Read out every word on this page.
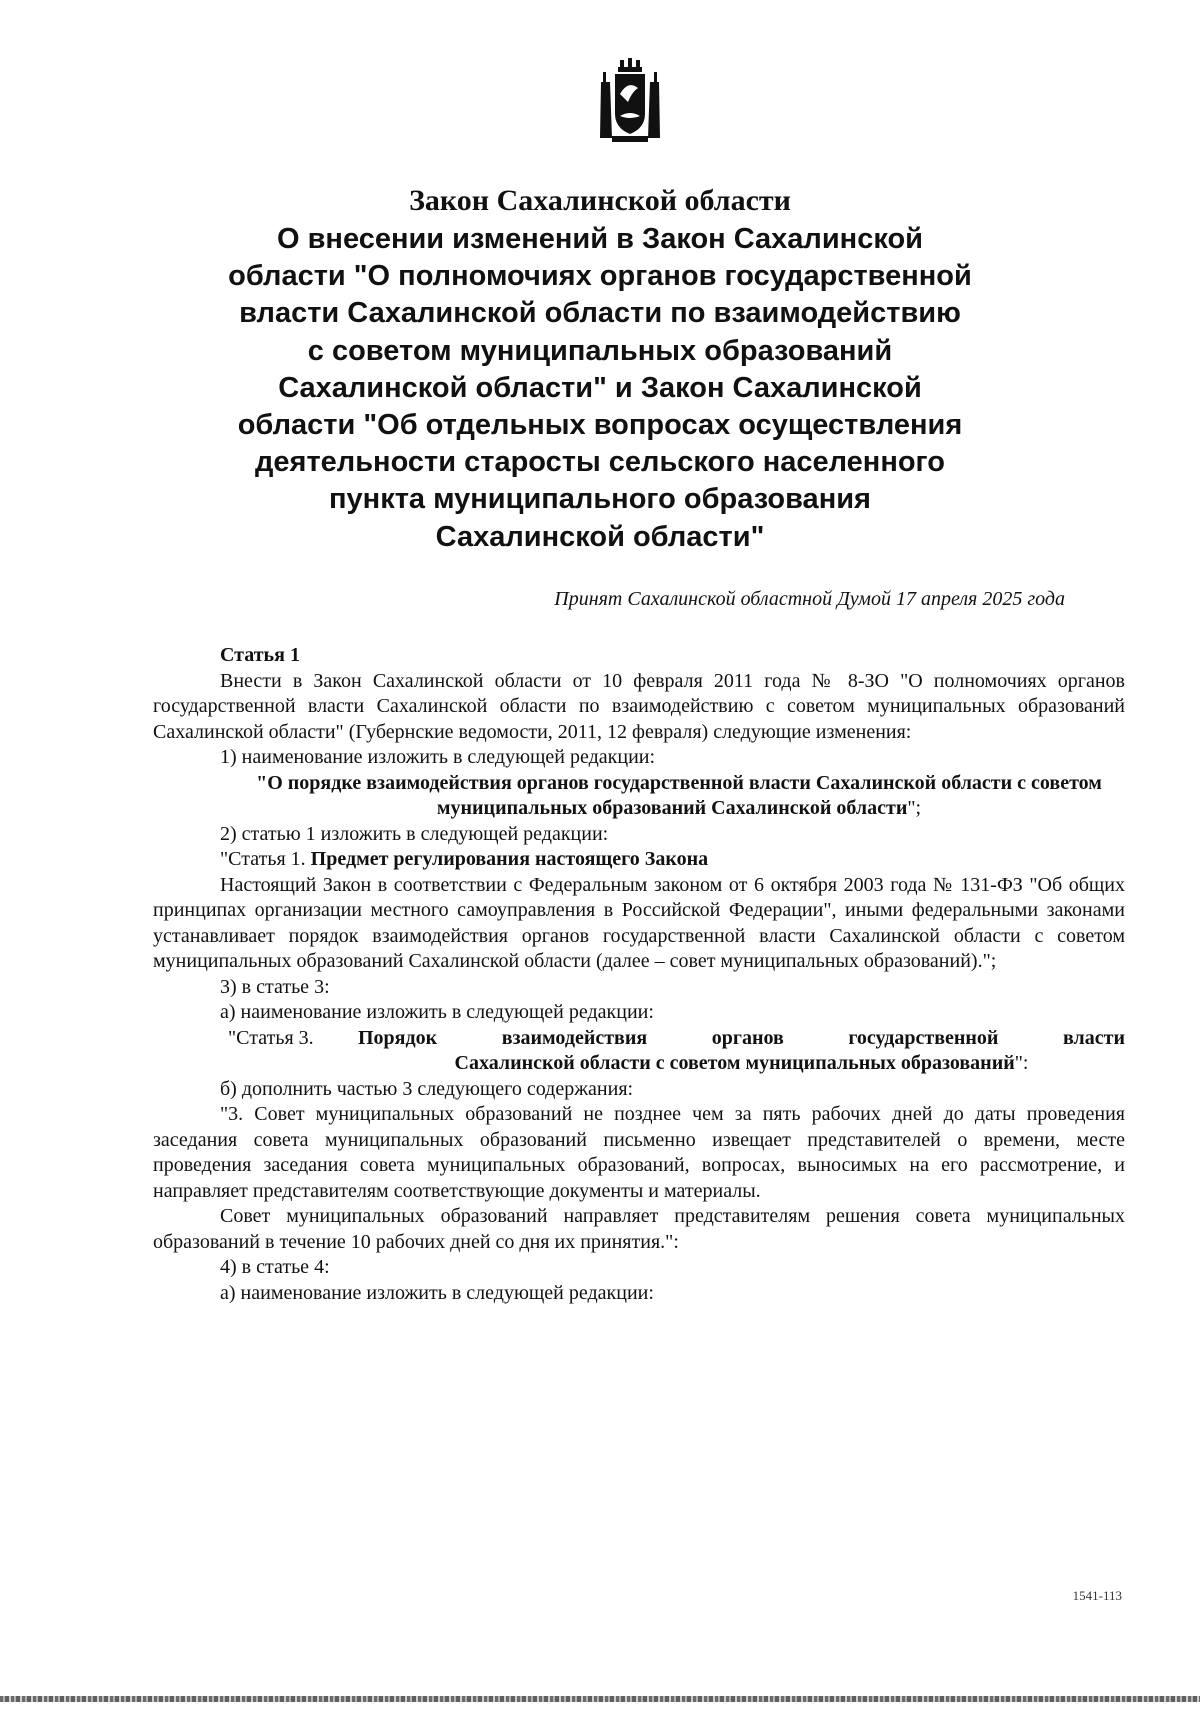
Закон Сахалинской области

О внесении изменений в Закон Сахалинской
области "О полномочиях органов государственной
власти Сахалинской области по взаимодействию
с советом муниципальных образований
Сахалинской области" и Закон Сахалинской
области "Об отдельных вопросах осуществления
деятельности старосты сельского населенного
пункта муниципального образования
Сахалинской области"

Принят Сахалинской областной Думой 17 апреля 2025 года

Статья 1

Внести в Закон Сахалинской области от 10 февраля 2011 года № 8-ЗО "О полномочиях органов государственной власти Сахалинской области по взаимодействию с советом муниципальных образований Сахалинской области" (Губернские ведомости, 2011, 12 февраля) следующие изменения:

1) наименование изложить в следующей редакции:

"О порядке взаимодействия органов государственной власти Сахалинской области с советом муниципальных образований Сахалинской области";

2) статью 1 изложить в следующей редакции:

"Статья 1. Предмет регулирования настоящего Закона

Настоящий Закон в соответствии с Федеральным законом от 6 октября 2003 года № 131-ФЗ "Об общих принципах организации местного самоуправления в Российской Федерации", иными федеральными законами устанавливает порядок взаимодействия органов государственной власти Сахалинской области с советом муниципальных образований Сахалинской области (далее – совет муниципальных образований).";

3) в статье 3:

а) наименование изложить в следующей редакции:

"Статья 3.	Порядок взаимодействия органов государственной власти
Сахалинской области с советом муниципальных образований":

б) дополнить частью 3 следующего содержания:

"3. Совет муниципальных образований не позднее чем за пять рабочих дней до даты проведения заседания совета муниципальных образований письменно извещает представителей о времени, месте проведения заседания совета муниципальных образований, вопросах, выносимых на его рассмотрение, и направляет представителям соответствующие документы и материалы.

Совет муниципальных образований направляет представителям решения совета муниципальных образований в течение 10 рабочих дней со дня их принятия.":

4) в статье 4:

а) наименование изложить в следующей редакции:

1541-113
